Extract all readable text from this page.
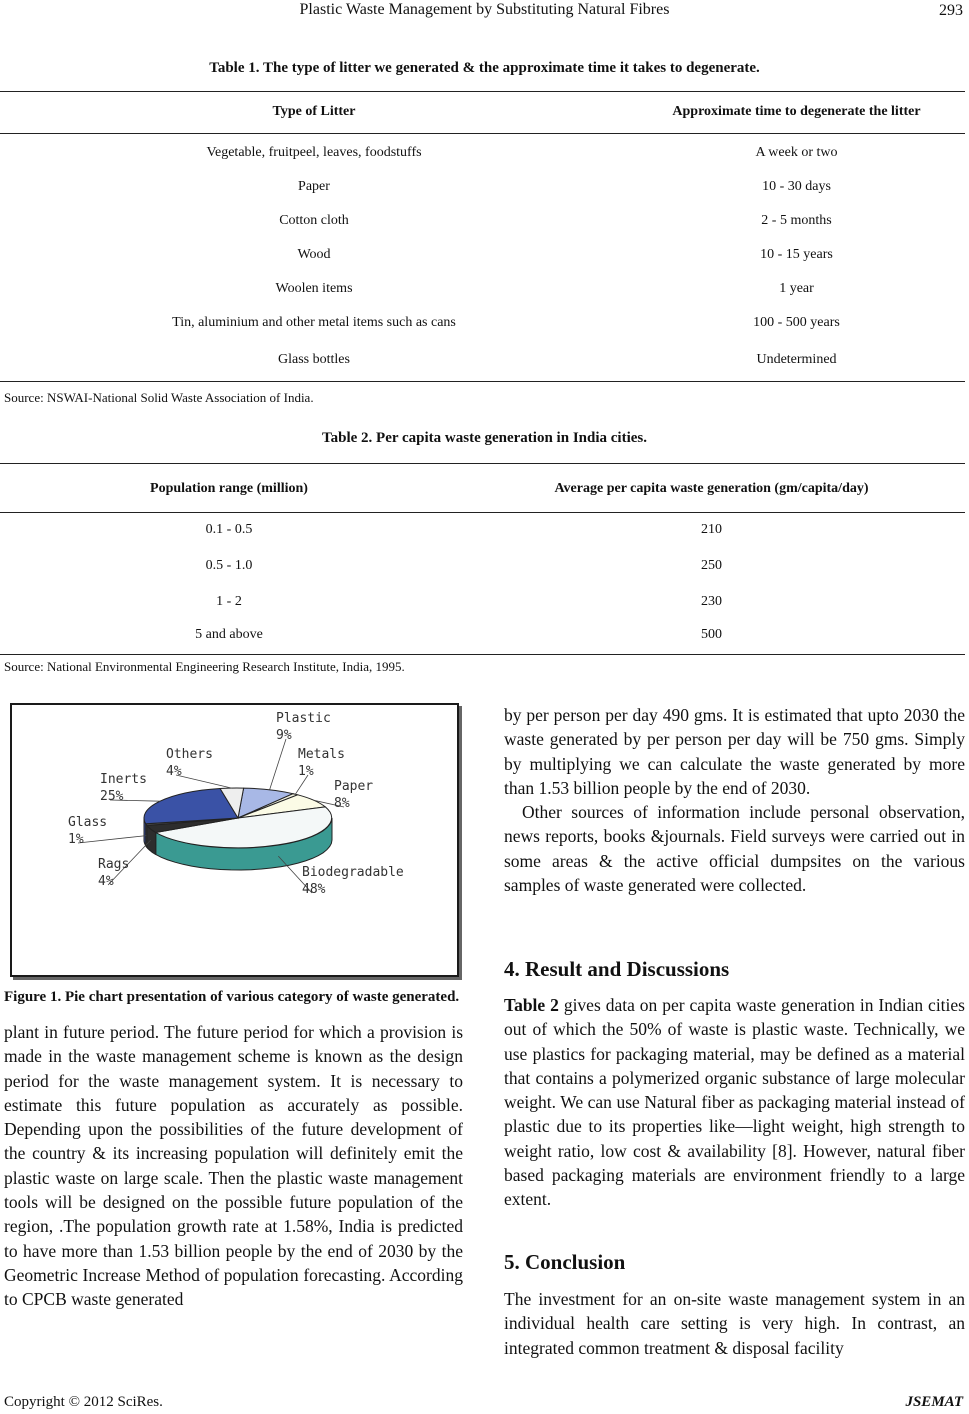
Plastic Waste Management by Substituting Natural Fibres	293
Table 1. The type of litter we generated & the approximate time it takes to degenerate.
Type of Litter	Approximate time to degenerate the litter
Vegetable, fruitpeel, leaves, foodstuffs	A week or two
Paper	10 - 30 days
Cotton cloth	2 - 5 months
Wood	10 - 15 years
Woolen items	1 year
Tin, aluminium and other metal items such as cans	100 - 500 years
Glass bottles	Undetermined
Source: NSWAI-National Solid Waste Association of India.
Table 2. Per capita waste generation in India cities.
Population range (million)	Average per capita waste generation (gm/capita/day)
0.1 - 0.5	210
0.5 - 1.0	250
1 - 2	230
5 and above	500
Source: National Environmental Engineering Research Institute, India, 1995.
Plastic
9%
Metals
1%
Paper
8%
Biodegradable
48%
Rags
4%
Glass
1%
Inerts
25%
Others
4%
Figure 1. Pie chart presentation of various category of waste generated.

plant in future period. The future period for which a provision is made in the waste management scheme is known as the design period for the waste management system. It is necessary to estimate this future population as accurately as possible. Depending upon the possibilities of the future development of the country & its increasing population will definitely emit the plastic waste on large scale. Then the plastic waste management tools will be designed on the possible future population of the region, .The population growth rate at 1.58%, India is predicted to have more than 1.53 billion people by the end of 2030 by the Geometric Increase Method of population forecasting. According to CPCB waste generated

by per person per day 490 gms. It is estimated that upto 2030 the waste generated by per person per day will be 750 gms. Simply by multiplying we can calculate the waste generated by more than 1.53 billion people by the end of 2030.

Other sources of information include personal observation, news reports, books &journals. Field surveys were carried out in some areas & the active official dumpsites on the various samples of waste generated were collected.

4. Result and Discussions

Table 2 gives data on per capita waste generation in Indian cities out of which the 50% of waste is plastic waste. Technically, we use plastics for packaging material, may be defined as a material that contains a polymerized organic substance of large molecular weight. We can use Natural fiber as packaging material instead of plastic due to its properties like—light weight, high strength to weight ratio, low cost & availability [8]. However, natural fiber based packaging materials are environment friendly to a large extent.

5. Conclusion

The investment for an on-site waste management system in an individual health care setting is very high. In contrast, an integrated common treatment & disposal facility

Copyright © 2012 SciRes.	JSEMAT
